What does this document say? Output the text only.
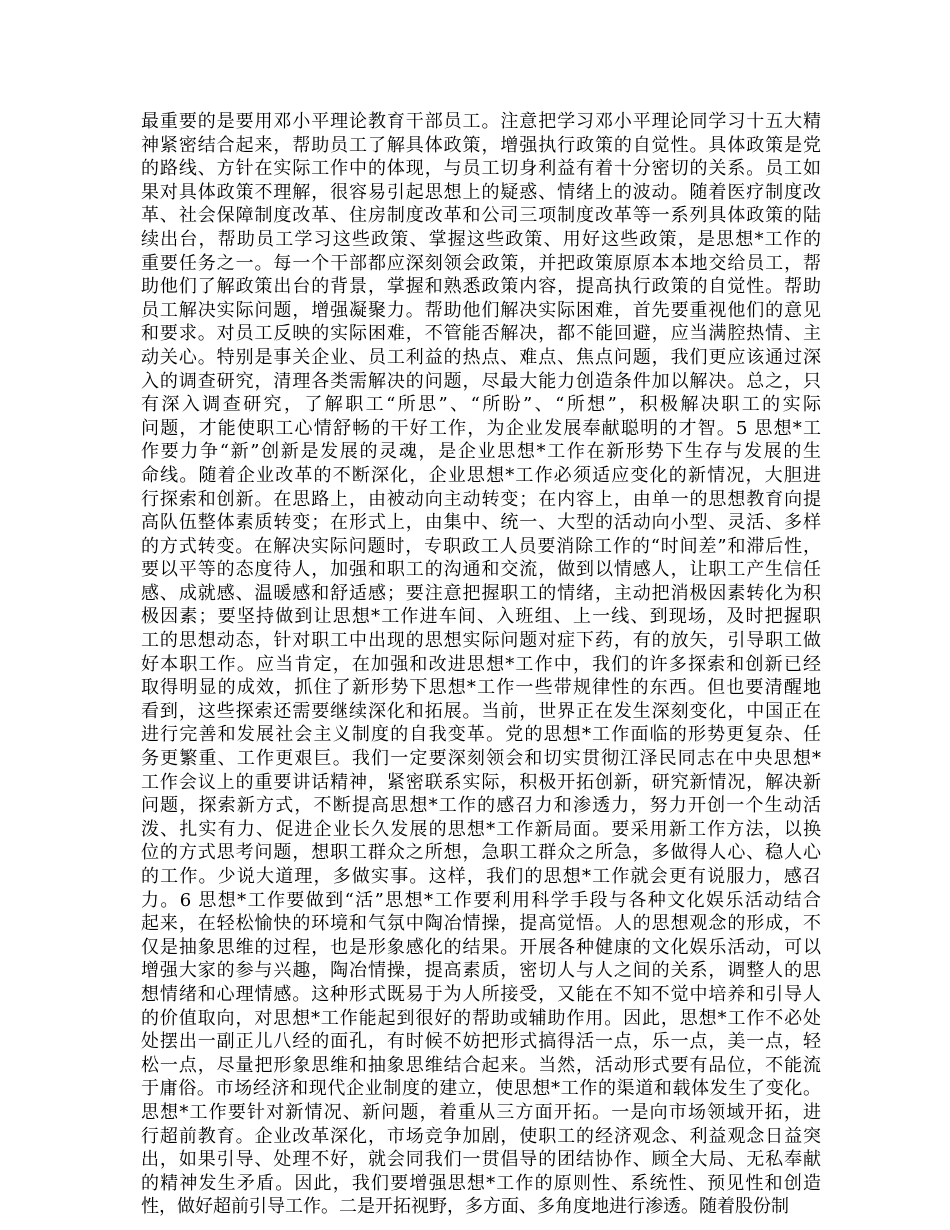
最重要的是要用邓小平理论教育干部员工。注意把学习邓小平理论同学习十五大精
神紧密结合起来，帮助员工了解具体政策，增强执行政策的自觉性。具体政策是党
的路线、方针在实际工作中的体现，与员工切身利益有着十分密切的关系。员工如
果对具体政策不理解，很容易引起思想上的疑惑、情绪上的波动。随着医疗制度改
革、社会保障制度改革、住房制度改革和公司三项制度改革等一系列具体政策的陆
续出台，帮助员工学习这些政策、掌握这些政策、用好这些政策，是思想*工作的
重要任务之一。每一个干部都应深刻领会政策，并把政策原原本本地交给员工，帮
助他们了解政策出台的背景，掌握和熟悉政策内容，提高执行政策的自觉性。帮助
员工解决实际问题，增强凝聚力。帮助他们解决实际困难，首先要重视他们的意见
和要求。对员工反映的实际困难，不管能否解决，都不能回避，应当满腔热情、主
动关心。特别是事关企业、员工利益的热点、难点、焦点问题，我们更应该通过深
入的调查研究，清理各类需解决的问题，尽最大能力创造条件加以解决。总之，只
有深入调查研究，了解职工“所思”、“所盼”、“所想”，积极解决职工的实际
问题，才能使职工心情舒畅的干好工作，为企业发展奉献聪明的才智。5 思想*工
作要力争“新”创新是发展的灵魂，是企业思想*工作在新形势下生存与发展的生
命线。随着企业改革的不断深化，企业思想*工作必须适应变化的新情况，大胆进
行探索和创新。在思路上，由被动向主动转变；在内容上，由单一的思想教育向提
高队伍整体素质转变；在形式上，由集中、统一、大型的活动向小型、灵活、多样
的方式转变。在解决实际问题时，专职政工人员要消除工作的“时间差”和滞后性，
要以平等的态度待人，加强和职工的沟通和交流，做到以情感人，让职工产生信任
感、成就感、温暖感和舒适感；要注意把握职工的情绪，主动把消极因素转化为积
极因素；要坚持做到让思想*工作进车间、入班组、上一线、到现场，及时把握职
工的思想动态，针对职工中出现的思想实际问题对症下药，有的放矢，引导职工做
好本职工作。应当肯定，在加强和改进思想*工作中，我们的许多探索和创新已经
取得明显的成效，抓住了新形势下思想*工作一些带规律性的东西。但也要清醒地
看到，这些探索还需要继续深化和拓展。当前，世界正在发生深刻变化，中国正在
进行完善和发展社会主义制度的自我变革。党的思想*工作面临的形势更复杂、任
务更繁重、工作更艰巨。我们一定要深刻领会和切实贯彻江泽民同志在中央思想*
工作会议上的重要讲话精神，紧密联系实际，积极开拓创新，研究新情况，解决新
问题，探索新方式，不断提高思想*工作的感召力和渗透力，努力开创一个生动活
泼、扎实有力、促进企业长久发展的思想*工作新局面。要采用新工作方法，以换
位的方式思考问题，想职工群众之所想，急职工群众之所急，多做得人心、稳人心
的工作。少说大道理，多做实事。这样，我们的思想*工作就会更有说服力，感召
力。6 思想*工作要做到“活”思想*工作要利用科学手段与各种文化娱乐活动结合
起来，在轻松愉快的环境和气氛中陶冶情操，提高觉悟。人的思想观念的形成，不
仅是抽象思维的过程，也是形象感化的结果。开展各种健康的文化娱乐活动，可以
增强大家的参与兴趣，陶冶情操，提高素质，密切人与人之间的关系，调整人的思
想情绪和心理情感。这种形式既易于为人所接受，又能在不知不觉中培养和引导人
的价值取向，对思想*工作能起到很好的帮助或辅助作用。因此，思想*工作不必处
处摆出一副正儿八经的面孔，有时候不妨把形式搞得活一点，乐一点，美一点，轻
松一点，尽量把形象思维和抽象思维结合起来。当然，活动形式要有品位，不能流
于庸俗。市场经济和现代企业制度的建立，使思想*工作的渠道和载体发生了变化。
思想*工作要针对新情况、新问题，着重从三方面开拓。一是向市场领域开拓，进
行超前教育。企业改革深化，市场竞争加剧，使职工的经济观念、利益观念日益突
出，如果引导、处理不好，就会同我们一贯倡导的团结协作、顾全大局、无私奉献
的精神发生矛盾。因此，我们要增强思想*工作的原则性、系统性、预见性和创造
性，做好超前引导工作。二是开拓视野，多方面、多角度地进行渗透。随着股份制
